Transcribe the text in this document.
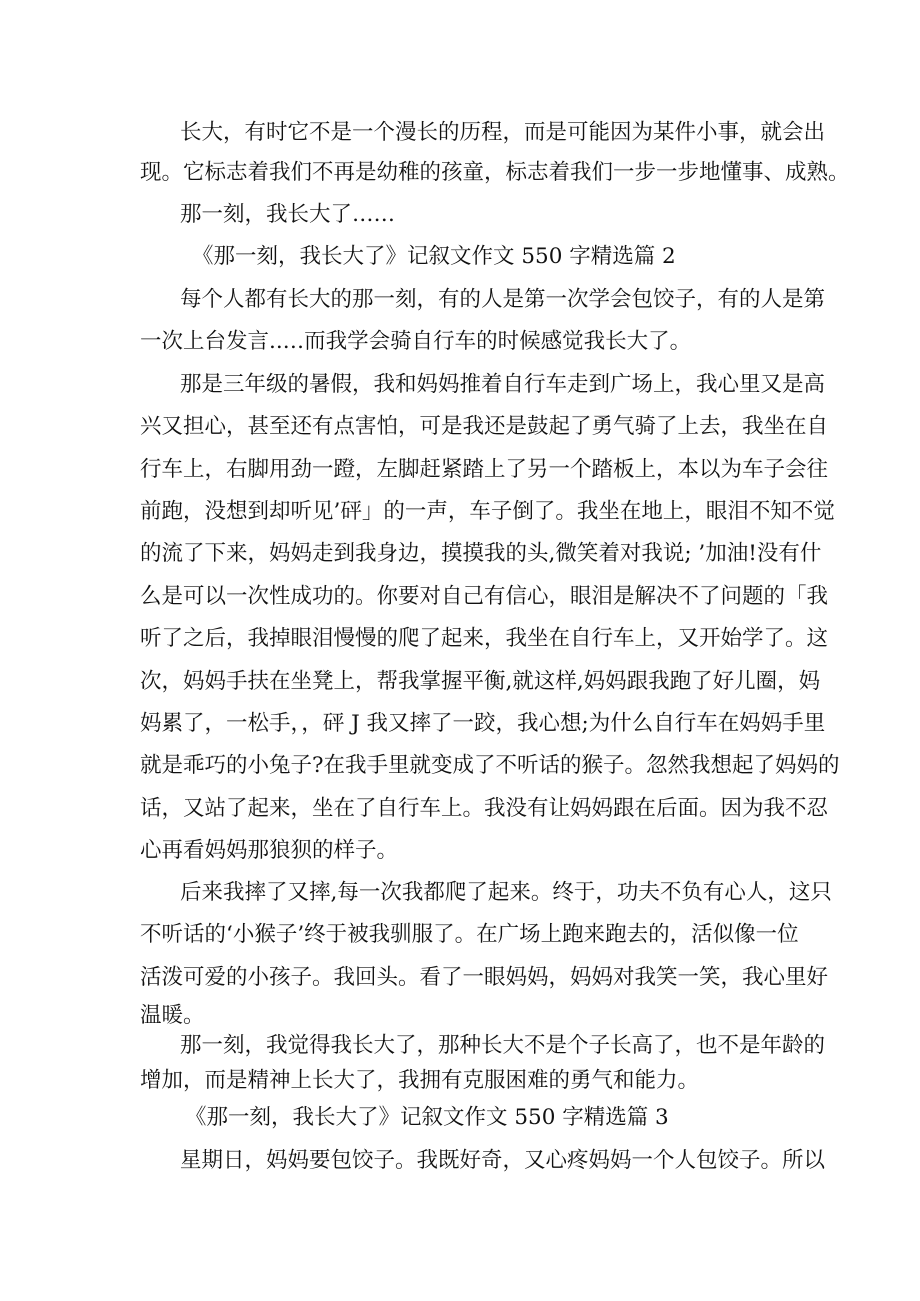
长大，有时它不是一个漫长的历程，而是可能因为某件小事，就会出
现。它标志着我们不再是幼稚的孩童，标志着我们一步一步地懂事、成熟。
那一刻，我长大了……
《那一刻，我长大了》记叙文作文 550 字精选篇 2
每个人都有长大的那一刻，有的人是第一次学会包饺子，有的人是第
一次上台发言..…而我学会骑自行车的时候感觉我长大了。
那是三年级的暑假，我和妈妈推着自行车走到广场上，我心里又是高
兴又担心，甚至还有点害怕，可是我还是鼓起了勇气骑了上去，我坐在自
行车上，右脚用劲一蹬，左脚赶紧踏上了另一个踏板上，本以为车子会往
前跑，没想到却听见’砰」的一声，车子倒了。我坐在地上，眼泪不知不觉
的流了下来，妈妈走到我身边，摸摸我的头,微笑着对我说; ’加油!没有什
么是可以一次性成功的。你要对自己有信心，眼泪是解决不了问题的「我
听了之后，我掉眼泪慢慢的爬了起来，我坐在自行车上，又开始学了。这
次，妈妈手扶在坐凳上，帮我掌握平衡,就这样,妈妈跟我跑了好儿圈，妈
妈累了，一松手，，砰 J 我又摔了一跤，我心想;为什么自行车在妈妈手里
就是乖巧的小兔子?在我手里就变成了不听话的猴子。忽然我想起了妈妈的
话，又站了起来，坐在了自行车上。我没有让妈妈跟在后面。因为我不忍
心再看妈妈那狼狈的样子。
后来我摔了又摔,每一次我都爬了起来。终于，功夫不负有心人，这只
不听话的‘小猴子’终于被我驯服了。在广场上跑来跑去的，活似像一位
活泼可爱的小孩子。我回头。看了一眼妈妈，妈妈对我笑一笑，我心里好
温暖。
那一刻，我觉得我长大了，那种长大不是个子长高了，也不是年龄的
增加，而是精神上长大了，我拥有克服困难的勇气和能力。
《那一刻，我长大了》记叙文作文 550 字精选篇 3
星期日，妈妈要包饺子。我既好奇，又心疼妈妈一个人包饺子。所以
